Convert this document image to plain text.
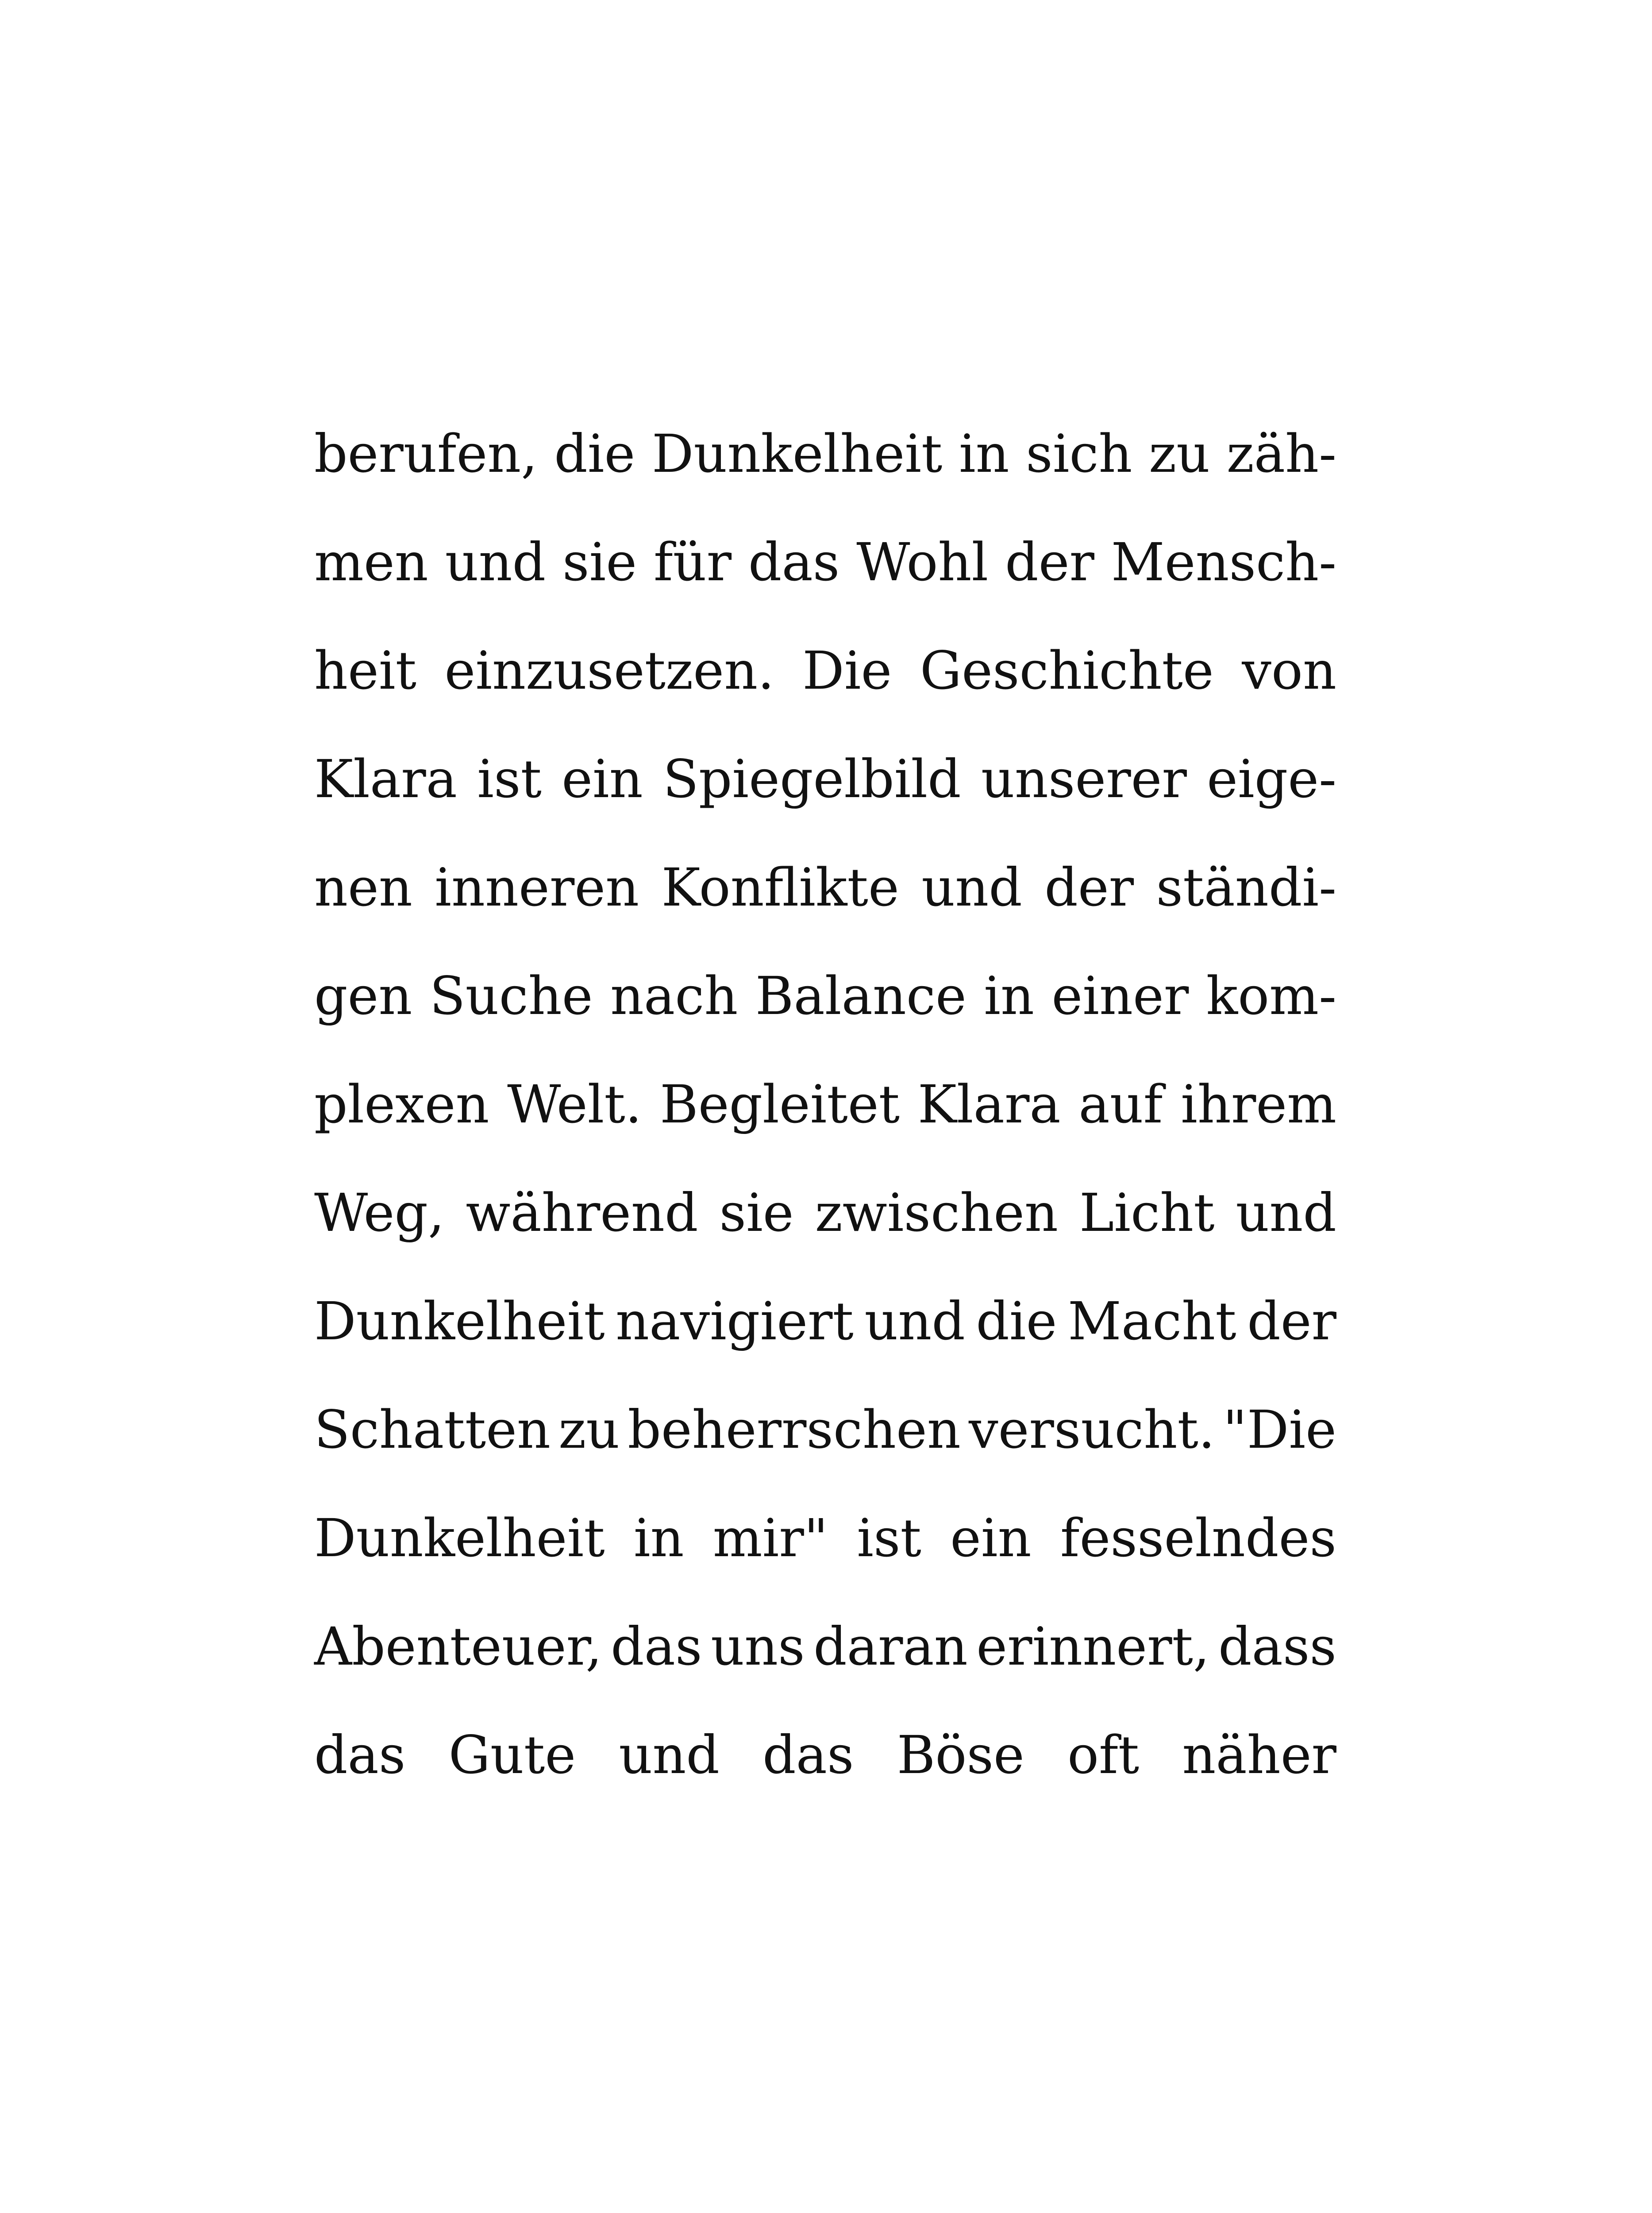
berufen, die Dunkelheit in sich zu zäh-
men und sie für das Wohl der Mensch-
heit einzusetzen. Die Geschichte von
Klara ist ein Spiegelbild unserer eige-
nen inneren Konflikte und der ständi-
gen Suche nach Balance in einer kom-
plexen Welt. Begleitet Klara auf ihrem
Weg, während sie zwischen Licht und
Dunkelheit navigiert und die Macht der
Schatten zu beherrschen versucht. "Die
Dunkelheit in mir" ist ein fesselndes
Abenteuer, das uns daran erinnert, dass
das Gute und das Böse oft näher
